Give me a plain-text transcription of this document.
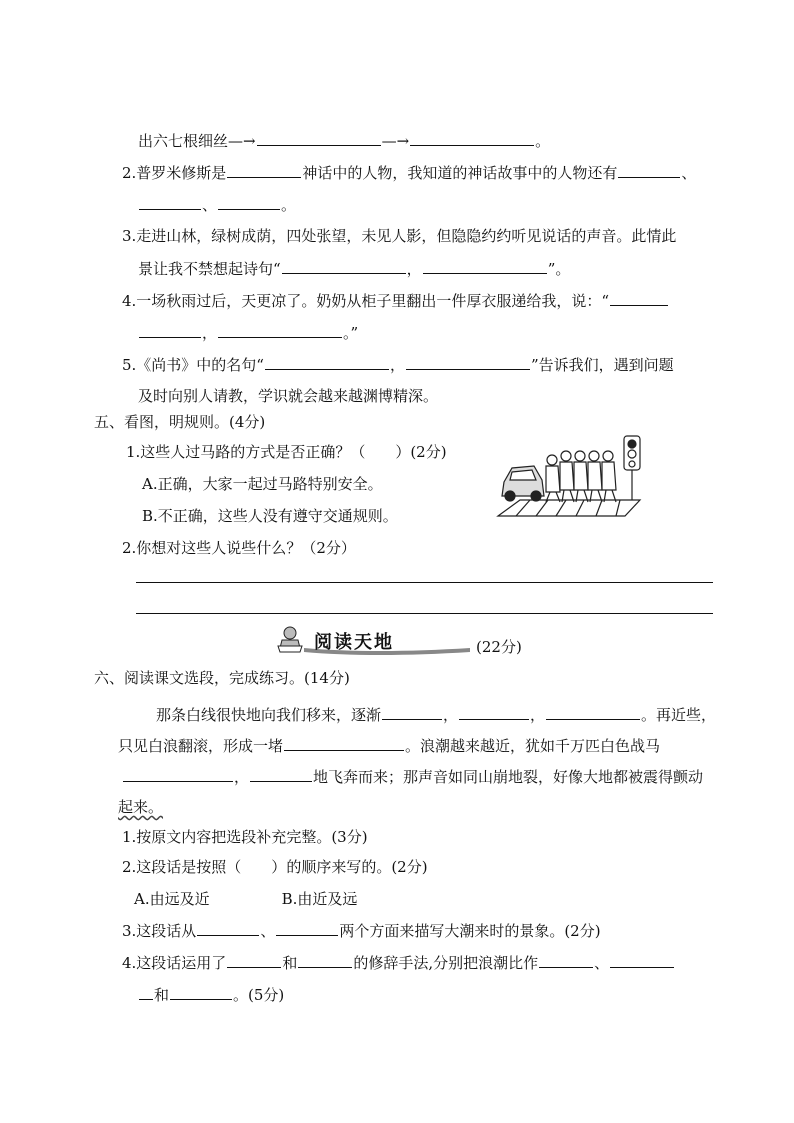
出六七根细丝—→	—→	。
2.普罗米修斯是	神话中的人物，我知道的神话故事中的人物还有	、
、	。
3.走进山林，绿树成荫，四处张望，未见人影，但隐隐约约听见说话的声音。此情此
景让我不禁想起诗句“	，	”。
4.一场秋雨过后，天更凉了。奶奶从柜子里翻出一件厚衣服递给我，说：“
，	。”
5.《尚书》中的名句“	，	”告诉我们，遇到问题
及时向别人请教，学识就会越来越渊博精深。
五、看图，明规则。(4分)
1.这些人过马路的方式是否正确？（　　）(2分)
A.正确，大家一起过马路特别安全。
B.不正确，这些人没有遵守交通规则。
2.你想对这些人说些什么？（2分）
阅读天地	(22分)
六、阅读课文选段，完成练习。(14分)
那条白线很快地向我们移来，逐渐	，	，	。再近些，
只见白浪翻滚，形成一堵	。浪潮越来越近，犹如千万匹白色战马
，	地飞奔而来；那声音如同山崩地裂，好像大地都被震得颤动
起来。
1.按原文内容把选段补充完整。(3分)
2.这段话是按照（　　）的顺序来写的。(2分)
A.由远及近	B.由近及远
3.这段话从	、	两个方面来描写大潮来时的景象。(2分)
4.这段话运用了	和	的修辞手法,分别把浪潮比作	、
和	。(5分)
